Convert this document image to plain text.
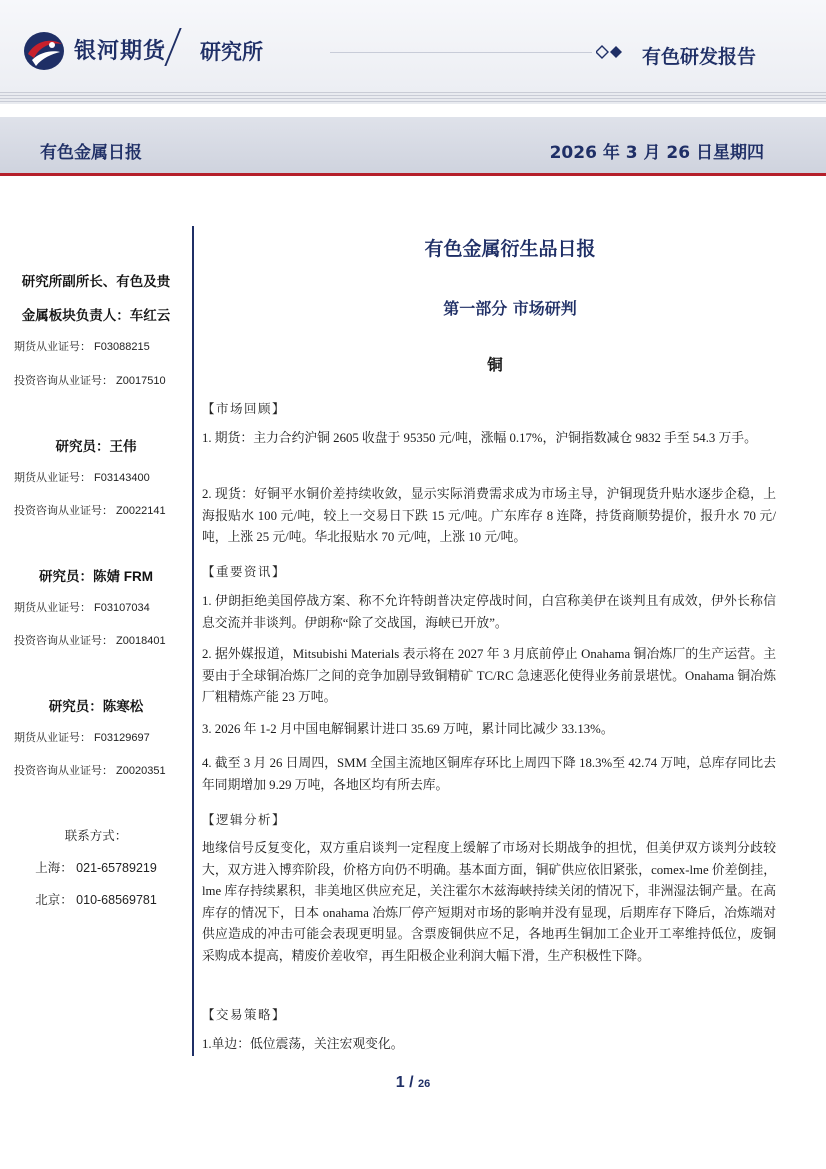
银河期货 研究所	有色研发报告
有色金属日报	2026 年 3 月 26 日星期四
研究所副所长、有色及贵
金属板块负责人：车红云
期货从业证号： F03088215
投资咨询从业证号： Z0017510
研究员：王伟
期货从业证号： F03143400
投资咨询从业证号： Z0022141
研究员：陈婧 FRM
期货从业证号： F03107034
投资咨询从业证号： Z0018401
研究员：陈寒松
期货从业证号： F03129697
投资咨询从业证号： Z0020351
联系方式：
上海： 021-65789219
北京： 010-68569781
有色金属衍生品日报
第一部分 市场研判
铜
【市场回顾】
1. 期货：主力合约沪铜 2605 收盘于 95350 元/吨，涨幅 0.17%，沪铜指数减仓 9832 手至 54.3 万手。
2. 现货：好铜平水铜价差持续收敛，显示实际消费需求成为市场主导，沪铜现货升贴水逐步企稳，上海报贴水 100 元/吨，较上一交易日下跌 15 元/吨。广东库存 8 连降，持货商顺势提价，报升水 70 元/吨，上涨 25 元/吨。华北报贴水 70 元/吨，上涨 10 元/吨。
【重要资讯】
1. 伊朗拒绝美国停战方案、称不允许特朗普决定停战时间，白宫称美伊在谈判且有成效，伊外长称信息交流并非谈判。伊朗称“除了交战国，海峡已开放”。
2. 据外媒报道，Mitsubishi Materials 表示将在 2027 年 3 月底前停止 Onahama 铜冶炼厂的生产运营。主要由于全球铜冶炼厂之间的竞争加剧导致铜精矿 TC/RC 急速恶化使得业务前景堪忧。Onahama 铜冶炼厂粗精炼产能 23 万吨。
3. 2026 年 1-2 月中国电解铜累计进口 35.69 万吨，累计同比减少 33.13%。
4. 截至 3 月 26 日周四，SMM 全国主流地区铜库存环比上周四下降 18.3%至 42.74 万吨，总库存同比去年同期增加 9.29 万吨，各地区均有所去库。
【逻辑分析】
地缘信号反复变化，双方重启谈判一定程度上缓解了市场对长期战争的担忧，但美伊双方谈判分歧较大，双方进入博弈阶段，价格方向仍不明确。基本面方面，铜矿供应依旧紧张，comex-lme 价差倒挂，lme 库存持续累积，非美地区供应充足，关注霍尔木兹海峡持续关闭的情况下，非洲湿法铜产量。在高库存的情况下，日本 onahama 冶炼厂停产短期对市场的影响并没有显现，后期库存下降后，冶炼端对供应造成的冲击可能会表现更明显。含票废铜供应不足，各地再生铜加工企业开工率维持低位，废铜采购成本提高，精废价差收窄，再生阳极企业利润大幅下滑，生产积极性下降。
【交易策略】
1.单边：低位震荡，关注宏观变化。
1 / 26
